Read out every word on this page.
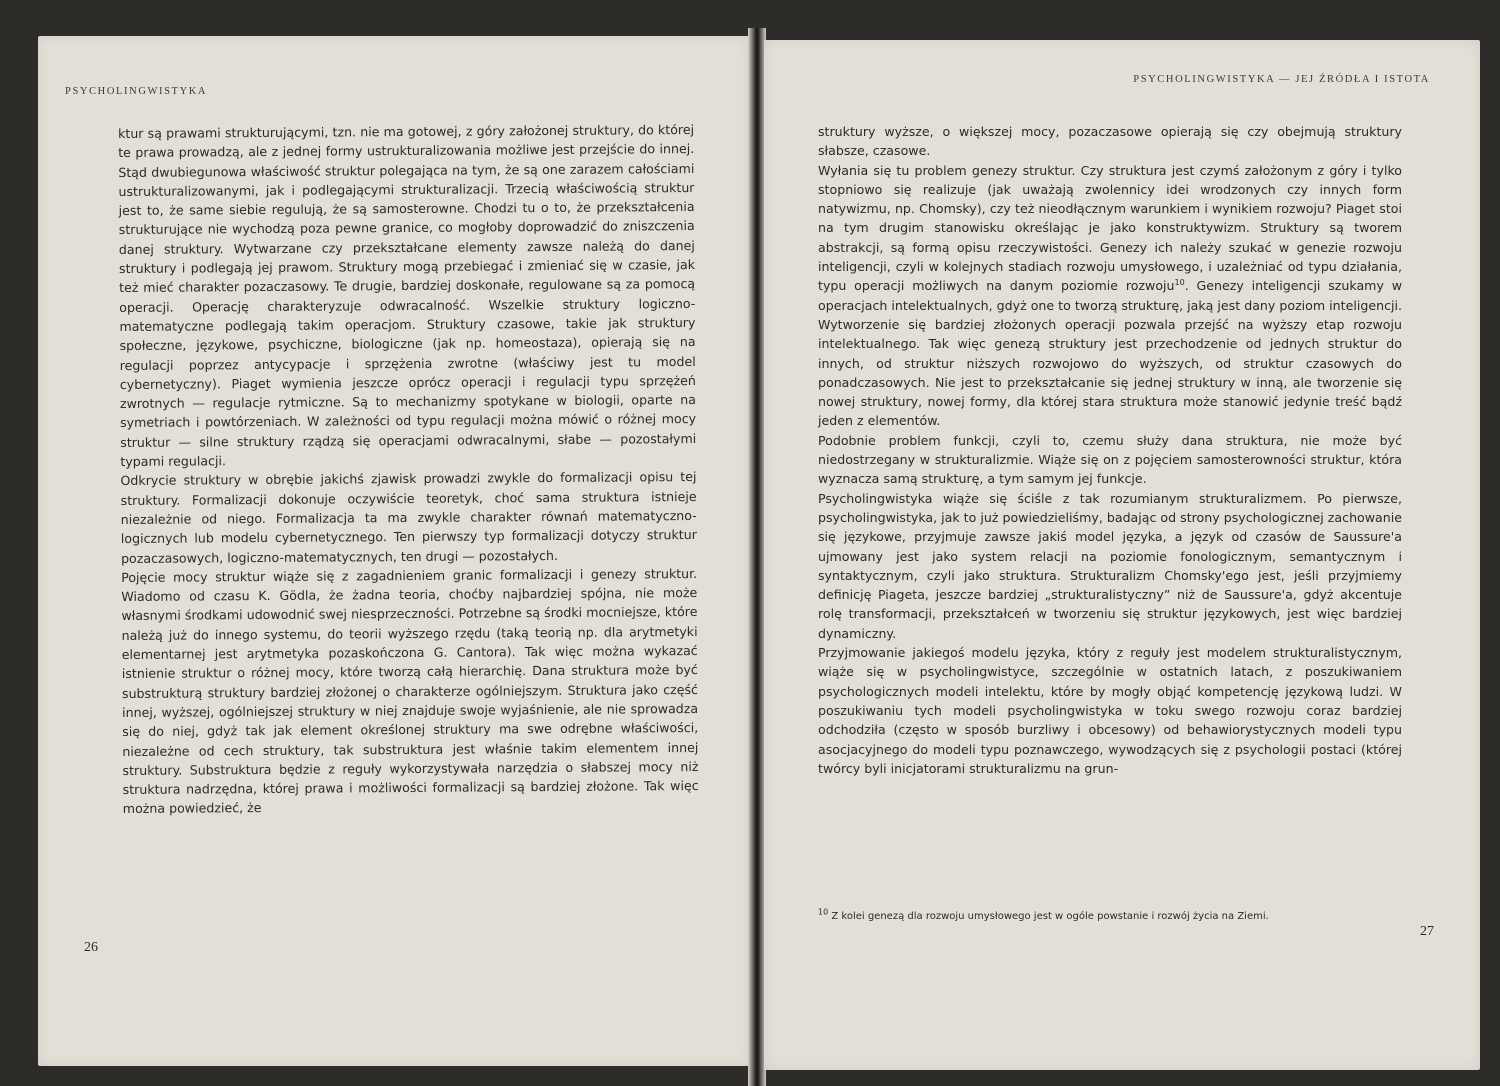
PSYCHOLINGWISTYKA

ktur są prawami strukturującymi, tzn. nie ma gotowej, z góry założonej struktury, do której te prawa prowadzą, ale z jednej formy ustrukturalizowania możliwe jest przejście do innej. Stąd dwubiegunowa właściwość struktur polegająca na tym, że są one zarazem całościami ustrukturalizowanymi, jak i podlegającymi strukturalizacji. Trzecią właściwością struktur jest to, że same siebie regulują, że są samosterowne. Chodzi tu o to, że przekształcenia strukturujące nie wychodzą poza pewne granice, co mogłoby doprowadzić do zniszczenia danej struktury. Wytwarzane czy przekształcane elementy zawsze należą do danej struktury i podlegają jej prawom. Struktury mogą przebiegać i zmieniać się w czasie, jak też mieć charakter pozaczasowy. Te drugie, bardziej doskonałe, regulowane są za pomocą operacji. Operację charakteryzuje odwracalność. Wszelkie struktury logiczno-matematyczne podlegają takim operacjom. Struktury czasowe, takie jak struktury społeczne, językowe, psychiczne, biologiczne (jak np. homeostaza), opierają się na regulacji poprzez antycypacje i sprzężenia zwrotne (właściwy jest tu model cybernetyczny). Piaget wymienia jeszcze oprócz operacji i regulacji typu sprzężeń zwrotnych — regulacje rytmiczne. Są to mechanizmy spotykane w biologii, oparte na symetriach i powtórzeniach. W zależności od typu regulacji można mówić o różnej mocy struktur — silne struktury rządzą się operacjami odwracalnymi, słabe — pozostałymi typami regulacji.

Odkrycie struktury w obrębie jakichś zjawisk prowadzi zwykle do formalizacji opisu tej struktury. Formalizacji dokonuje oczywiście teoretyk, choć sama struktura istnieje niezależnie od niego. Formalizacja ta ma zwykle charakter równań matematyczno-logicznych lub modelu cybernetycznego. Ten pierwszy typ formalizacji dotyczy struktur pozaczasowych, logiczno-matematycznych, ten drugi — pozostałych.

Pojęcie mocy struktur wiąże się z zagadnieniem granic formalizacji i genezy struktur. Wiadomo od czasu K. Gödla, że żadna teoria, choćby najbardziej spójna, nie może własnymi środkami udowodnić swej niesprzeczności. Potrzebne są środki mocniejsze, które należą już do innego systemu, do teorii wyższego rzędu (taką teorią np. dla arytmetyki elementarnej jest arytmetyka pozaskończona G. Cantora). Tak więc można wykazać istnienie struktur o różnej mocy, które tworzą całą hierarchię. Dana struktura może być substrukturą struktury bardziej złożonej o charakterze ogólniejszym. Struktura jako część innej, wyższej, ogólniejszej struktury w niej znajduje swoje wyjaśnienie, ale nie sprowadza się do niej, gdyż tak jak element określonej struktury ma swe odrębne właściwości, niezależne od cech struktury, tak substruktura jest właśnie takim elementem innej struktury. Substruktura będzie z reguły wykorzystywała narzędzia o słabszej mocy niż struktura nadrzędna, której prawa i możliwości formalizacji są bardziej złożone. Tak więc można powiedzieć, że

26
PSYCHOLINGWISTYKA — JEJ ŹRÓDŁA I ISTOTA

struktury wyższe, o większej mocy, pozaczasowe opierają się czy obejmują struktury słabsze, czasowe.

Wyłania się tu problem genezy struktur. Czy struktura jest czymś założonym z góry i tylko stopniowo się realizuje (jak uważają zwolennicy idei wrodzonych czy innych form natywizmu, np. Chomsky), czy też nieodłącznym warunkiem i wynikiem rozwoju? Piaget stoi na tym drugim stanowisku określając je jako konstruktywizm. Struktury są tworem abstrakcji, są formą opisu rzeczywistości. Genezy ich należy szukać w genezie rozwoju inteligencji, czyli w kolejnych stadiach rozwoju umysłowego, i uzależniać od typu działania, typu operacji możliwych na danym poziomie rozwoju$^{10}$. Genezy inteligencji szukamy w operacjach intelektualnych, gdyż one to tworzą strukturę, jaką jest dany poziom inteligencji. Wytworzenie się bardziej złożonych operacji pozwala przejść na wyższy etap rozwoju intelektualnego. Tak więc genezą struktury jest przechodzenie od jednych struktur do innych, od struktur niższych rozwojowo do wyższych, od struktur czasowych do ponadczasowych. Nie jest to przekształcanie się jednej struktury w inną, ale tworzenie się nowej struktury, nowej formy, dla której stara struktura może stanowić jedynie treść bądź jeden z elementów.

Podobnie problem funkcji, czyli to, czemu służy dana struktura, nie może być niedostrzegany w strukturalizmie. Wiąże się on z pojęciem samosterowności struktur, która wyznacza samą strukturę, a tym samym jej funkcje.

Psycholingwistyka wiąże się ściśle z tak rozumianym strukturalizmem. Po pierwsze, psycholingwistyka, jak to już powiedzieliśmy, badając od strony psychologicznej zachowanie się językowe, przyjmuje zawsze jakiś model języka, a język od czasów de Saussure'a ujmowany jest jako system relacji na poziomie fonologicznym, semantycznym i syntaktycznym, czyli jako struktura. Strukturalizm Chomsky'ego jest, jeśli przyjmiemy definicję Piageta, jeszcze bardziej „strukturalistyczny” niż de Saussure'a, gdyż akcentuje rolę transformacji, przekształceń w tworzeniu się struktur językowych, jest więc bardziej dynamiczny.

Przyjmowanie jakiegoś modelu języka, który z reguły jest modelem strukturalistycznym, wiąże się w psycholingwistyce, szczególnie w ostatnich latach, z poszukiwaniem psychologicznych modeli intelektu, które by mogły objąć kompetencję językową ludzi. W poszukiwaniu tych modeli psycholingwistyka w toku swego rozwoju coraz bardziej odchodziła (często w sposób burzliwy i obcesowy) od behawiorystycznych modeli typu asocjacyjnego do modeli typu poznawczego, wywodzących się z psychologii postaci (której twórcy byli inicjatorami strukturalizmu na grun-

$^{10}$ Z kolei genezą dla rozwoju umysłowego jest w ogóle powstanie i rozwój życia na Ziemi.
27
